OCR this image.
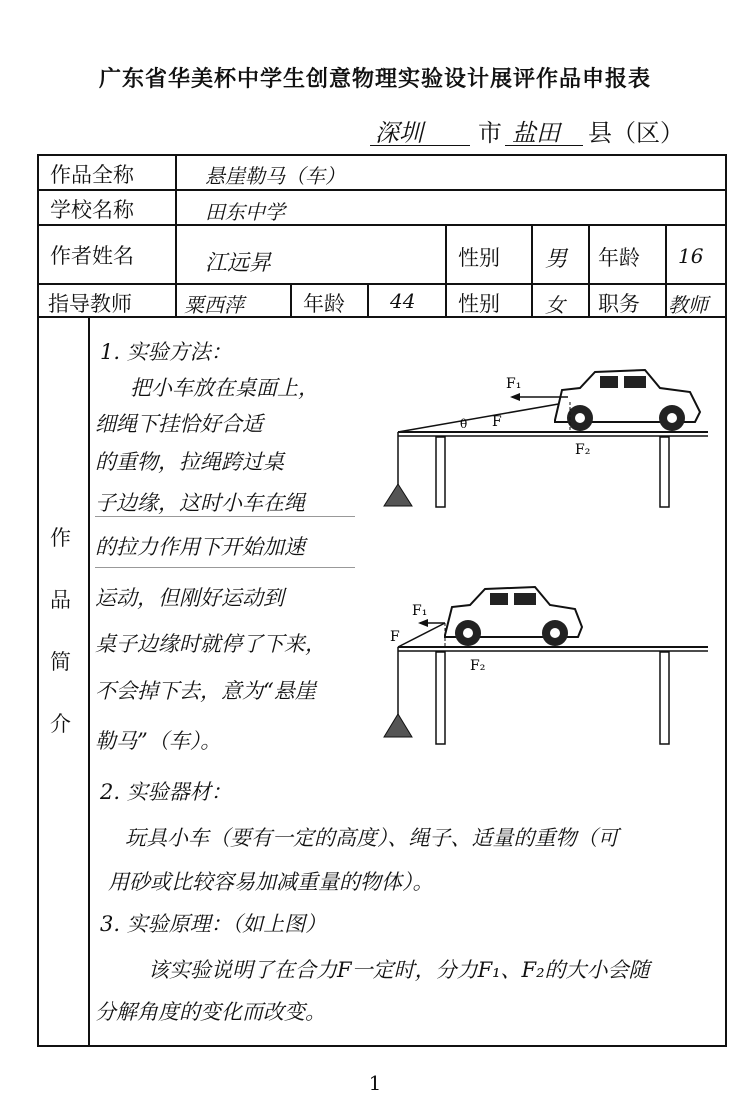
广东省华美杯中学生创意物理实验设计展评作品申报表
深圳 市 盐田 县（区）
作品全称	悬崖勒马（车）
学校名称	田东中学
作者姓名	江远昇	性别 男 年龄 16
指导教师	粟西萍	年龄 44 性别 女 职务 教师
作
品
简
介
1. 实验方法：
把小车放在桌面上，
细绳下挂恰好合适
的重物，拉绳跨过桌
子边缘，这时小车在绳
的拉力作用下开始加速
运动，但刚好运动到
桌子边缘时就停了下来，
不会掉下去，意为“悬崖
勒马”（车）。
2. 实验器材：
玩具小车（要有一定的高度）、绳子、适量的重物（可
用砂或比较容易加减重量的物体）。
3. 实验原理：（如上图）
该实验说明了在合力F一定时，分力F₁、F₂的大小会随
分解角度的变化而改变。
F₁
F
θ
F₂
F₁
F
F₂
1
